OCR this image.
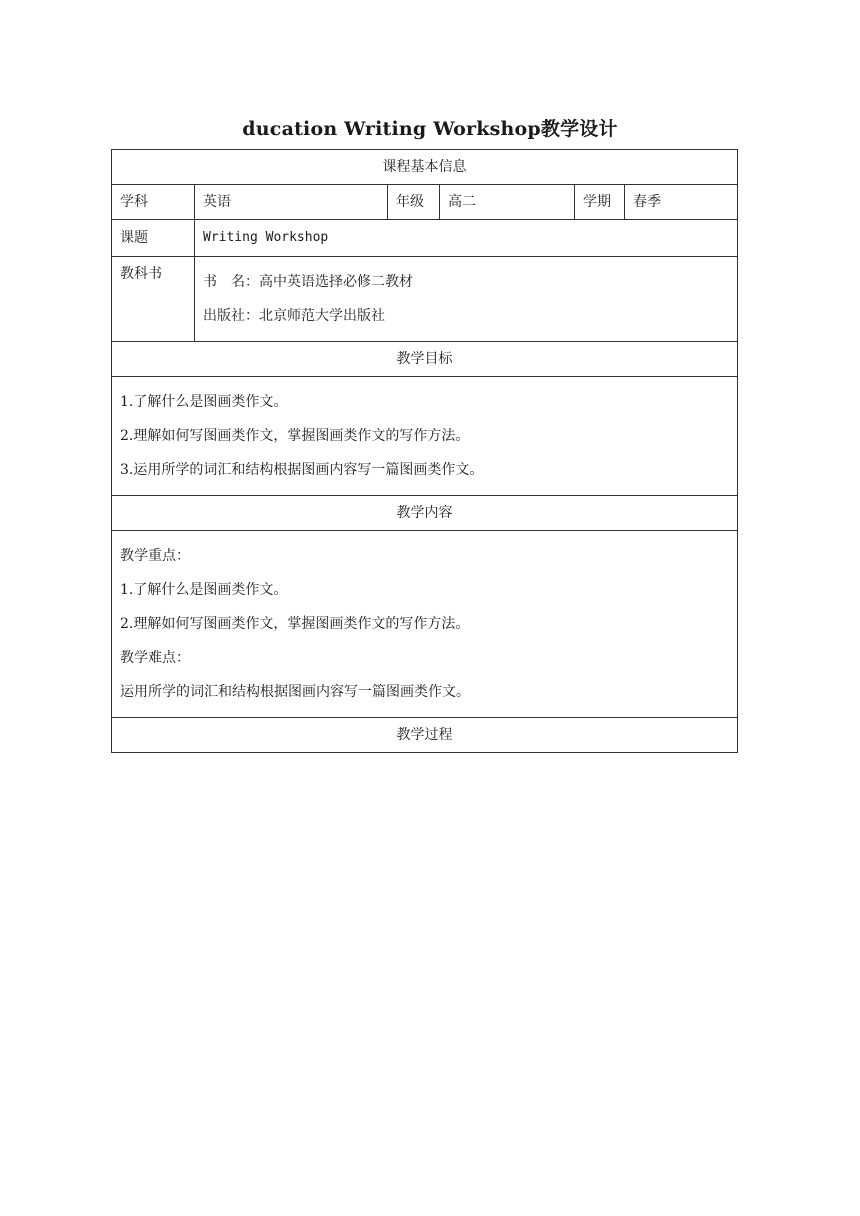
ducation Writing Workshop教学设计
课程基本信息					
学科	英语	年级	高二	学期	春季
课题	Writing Workshop				
教科书	书　名：高中英语选择必修二教材
出版社：北京师范大学出版社				

教学目标					

1.了解什么是图画类作文。
2.理解如何写图画类作文，掌握图画类作文的写作方法。
3.运用所学的词汇和结构根据图画内容写一篇图画类作文。					

教学内容					

教学重点：
1.了解什么是图画类作文。
2.理解如何写图画类作文，掌握图画类作文的写作方法。
教学难点：
运用所学的词汇和结构根据图画内容写一篇图画类作文。					

教学过程					
